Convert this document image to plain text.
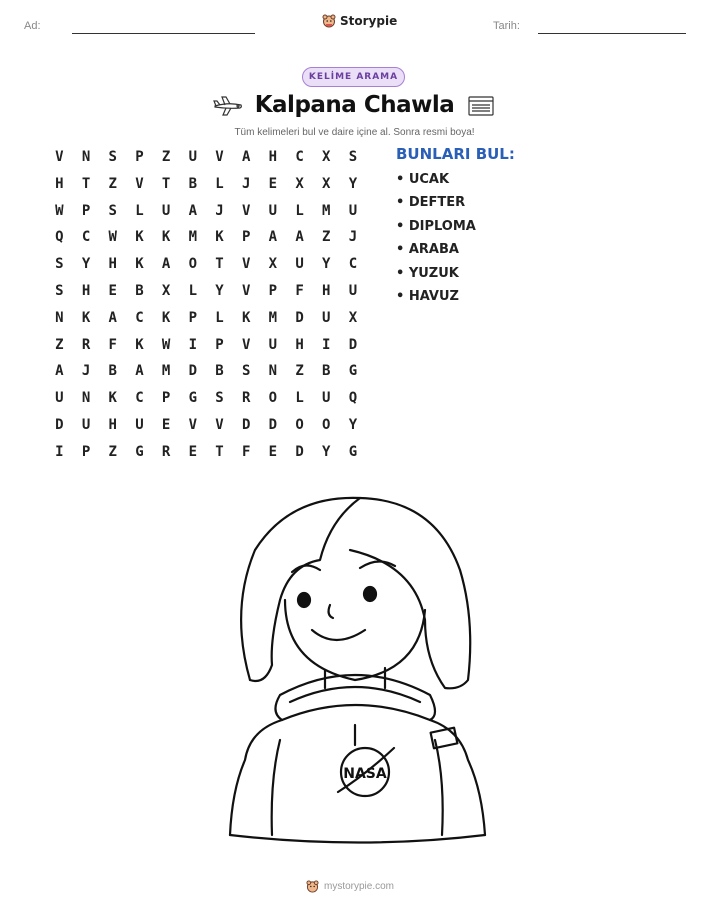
Ad:	Storypie	Tarih:
KELİME ARAMA
Kalpana Chawla
Tüm kelimeleri bul ve daire içine al. Sonra resmi boya!
V	N	S	P	Z	U	V	A	H	C	X	S
H	T	Z	V	T	B	L	J	E	X	X	Y
W	P	S	L	U	A	J	V	U	L	M	U
Q	C	W	K	K	M	K	P	A	A	Z	J
S	Y	H	K	A	O	T	V	X	U	Y	C
S	H	E	B	X	L	Y	V	P	F	H	U
N	K	A	C	K	P	L	K	M	D	U	X
Z	R	F	K	W	I	P	V	U	H	I	D
A	J	B	A	M	D	B	S	N	Z	B	G
U	N	K	C	P	G	S	R	O	L	U	Q
D	U	H	U	E	V	V	D	D	O	O	Y
I	P	Z	G	R	E	T	F	E	D	Y	G
BUNLARI BUL:
• UCAK
• DEFTER
• DIPLOMA
• ARABA
• YUZUK
• HAVUZ
NASA
mystorypie.com
